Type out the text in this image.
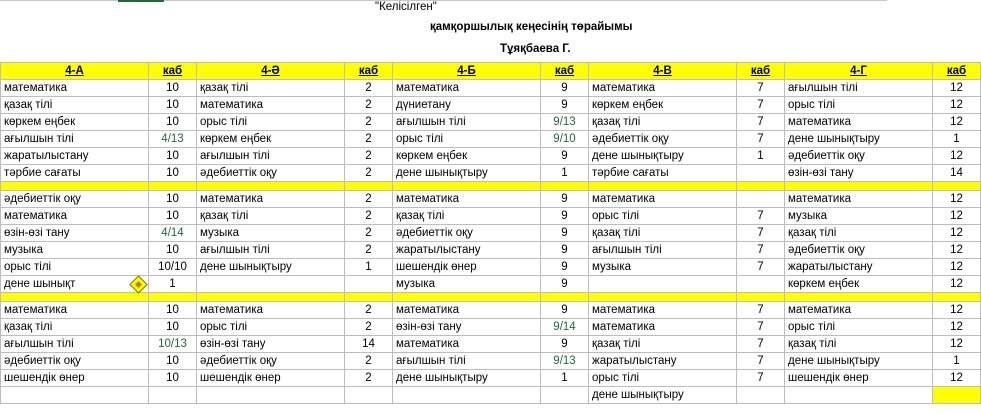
"Келісілген"
қамқоршылық кеңесінің төрайымы
Тұяқбаева Г.
4-А	каб	4-Ә	каб	4-Б	каб	4-В	каб	4-Г	каб
математика	10	қазақ тілі	2	математика	9	математика	7	ағылшын тілі	12
қазақ тілі	10	математика	2	дүниетану	9	көркем еңбек	7	орыс тілі	12
көркем еңбек	10	орыс тілі	2	ағылшын тілі	9/13	қазақ тілі	7	математика	12
ағылшын тілі	4/13	көркем еңбек	2	орыс тілі	9/10	әдебиеттік оқу	7	дене шынықтыру	1
жаратылыстану	10	ағылшын тілі	2	көркем еңбек	9	дене шынықтыру	1	әдебиеттік оқу	12
тәрбие сағаты	10	әдебиеттік оқу	2	дене шынықтыру	1	тәрбие сағаты		өзін-өзі тану	14

әдебиеттік оқу	10	математика	2	математика	9	математика		математика	12
математика	10	қазақ тілі	2	қазақ тілі	9	орыс тілі	7	музыка	12
өзін-өзі тану	4/14	музыка	2	әдебиеттік оқу	9	қазақ тілі	7	қазақ тілі	12
музыка	10	ағылшын тілі	2	жаратылыстану	9	ағылшын тілі	7	әдебиеттік оқу	12
орыс тілі	10/10	дене шынықтыру	1	шешендік өнер	9	музыка	7	жаратылыстану	12
дене шынықт	1			музыка	9			көркем еңбек	12

математика	10	математика	2	математика	9	математика	7	математика	12
қазақ тілі	10	орыс тілі	2	өзін-өзі тану	9/14	математика	7	орыс тілі	12
ағылшын тілі	10/13	өзін-өзі тану	14	математика	9	қазақ тілі	7	қазақ тілі	12
әдебиеттік оқу	10	әдебиеттік оқу	2	ағылшын тілі	9/13	жаратылыстану	7	дене шынықтыру	1
шешендік өнер	10	шешендік өнер	2	дене шынықтыру	1	орыс тілі	7	шешендік өнер	12
						дене шынықтыру			
